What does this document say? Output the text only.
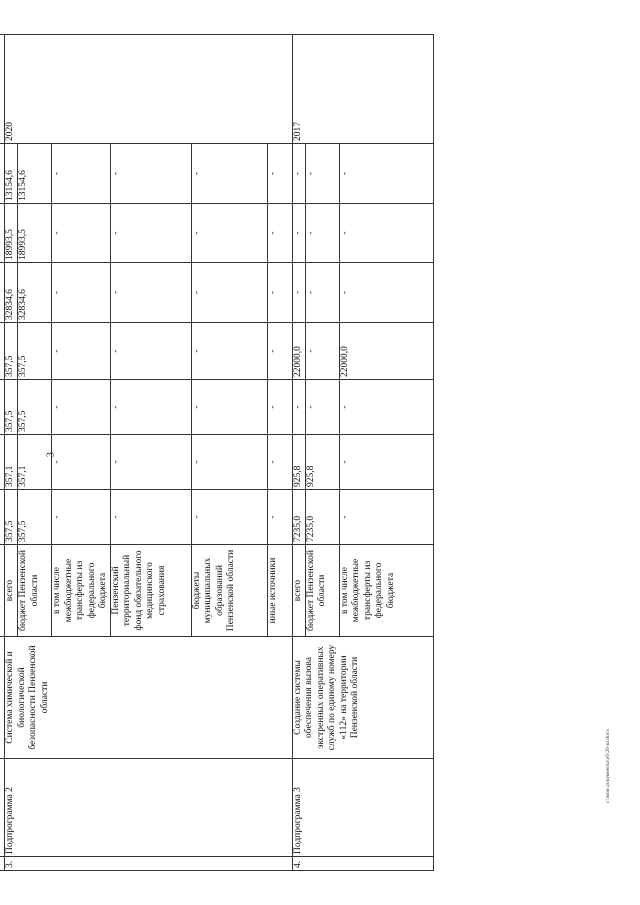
3

3.	Подпрограмма 2	Система химической и биологической безопасности Пензенской области	всего	357,5	357,1	357,5	357,5	32834,6	18993,5	13154,6	2020
			бюджет Пензенской области	357,5	357,1	357,5	357,5	32834,6	18993,5	13154,6	
			в том числе межбюджетные трансферты из федерального бюджета	-	-	-	-	-	-	-	
			Пензенский территориальный фонд обязательного медицинского страхования	-	-	-	-	-	-	-	
			бюджеты муниципальных образований Пензенской области	-	-	-	-	-	-	-	
			иные источники	-	-	-	-	-	-	-	
4.	Подпрограмма 3	Создание системы обеспечения вызова экстренных оперативных служб по единому номеру «112» на территории Пензенской области	всего	7235,0	925,8	-	22000,0	-	-	-	2017
			бюджет Пензенской области	7235,0	925,8	-	-	-	-	-	
			в том числе межбюджетные трансферты из федерального бюджета	-	-	-	22000,0	-	-	-	
c:\мои документы\уб\20-ш.docx
